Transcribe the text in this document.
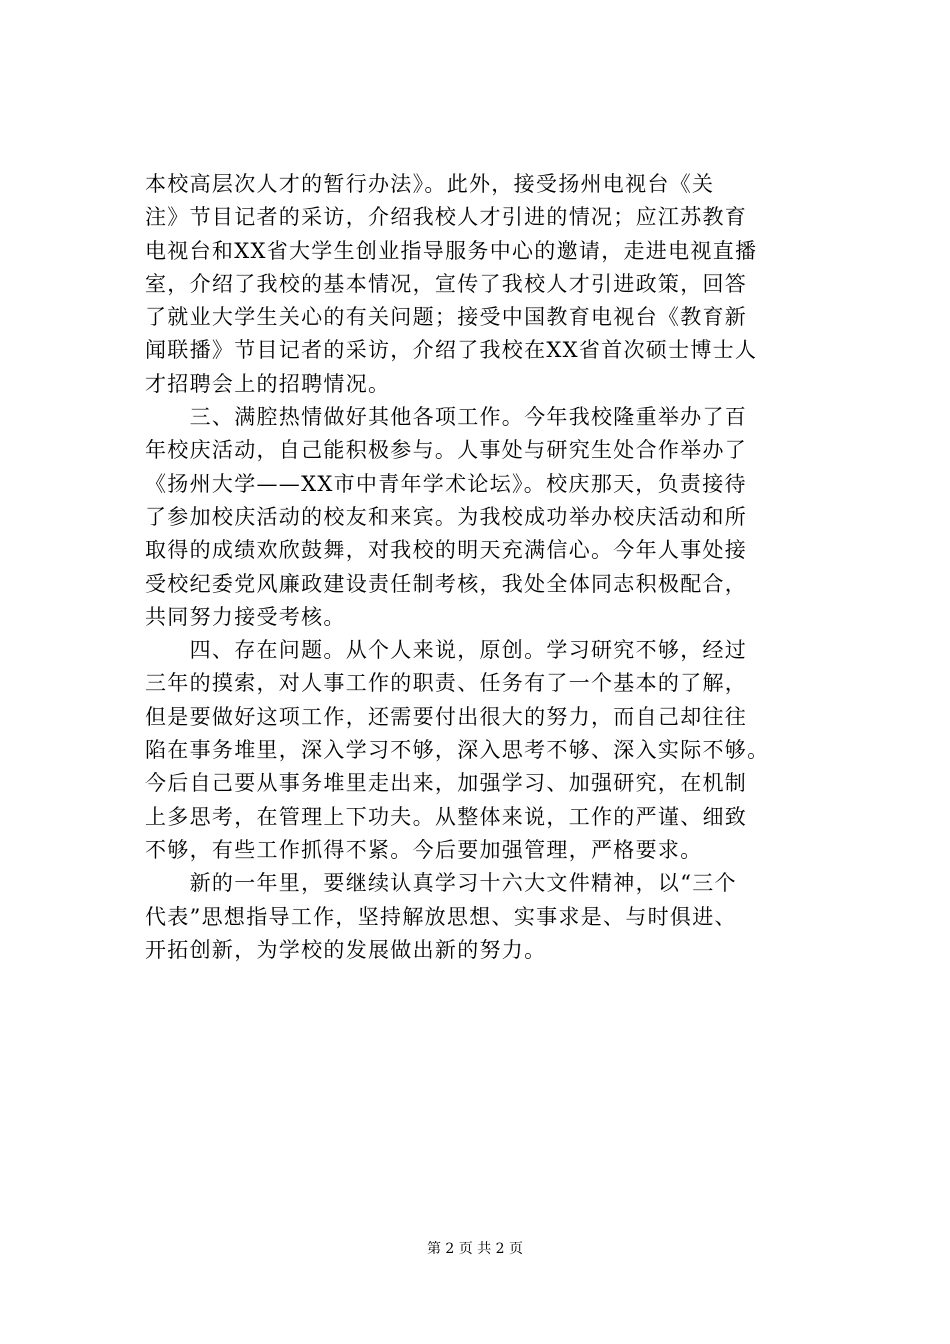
本校高层次人才的暂行办法》。此外，接受扬州电视台《关
注》节目记者的采访，介绍我校人才引进的情况；应江苏教育
电视台和XX省大学生创业指导服务中心的邀请，走进电视直播
室，介绍了我校的基本情况，宣传了我校人才引进政策，回答
了就业大学生关心的有关问题；接受中国教育电视台《教育新
闻联播》节目记者的采访，介绍了我校在XX省首次硕士博士人
才招聘会上的招聘情况。
　　三、满腔热情做好其他各项工作。今年我校隆重举办了百
年校庆活动，自己能积极参与。人事处与研究生处合作举办了
《扬州大学——XX市中青年学术论坛》。校庆那天，负责接待
了参加校庆活动的校友和来宾。为我校成功举办校庆活动和所
取得的成绩欢欣鼓舞，对我校的明天充满信心。今年人事处接
受校纪委党风廉政建设责任制考核，我处全体同志积极配合，
共同努力接受考核。
　　四、存在问题。从个人来说，原创。学习研究不够，经过
三年的摸索，对人事工作的职责、任务有了一个基本的了解，
但是要做好这项工作，还需要付出很大的努力，而自己却往往
陷在事务堆里，深入学习不够，深入思考不够、深入实际不够。
今后自己要从事务堆里走出来，加强学习、加强研究，在机制
上多思考，在管理上下功夫。从整体来说，工作的严谨、细致
不够，有些工作抓得不紧。今后要加强管理，严格要求。
　　新的一年里，要继续认真学习十六大文件精神，以“三个
代表”思想指导工作，坚持解放思想、实事求是、与时俱进、
开拓创新，为学校的发展做出新的努力。
第 2 页 共 2 页
